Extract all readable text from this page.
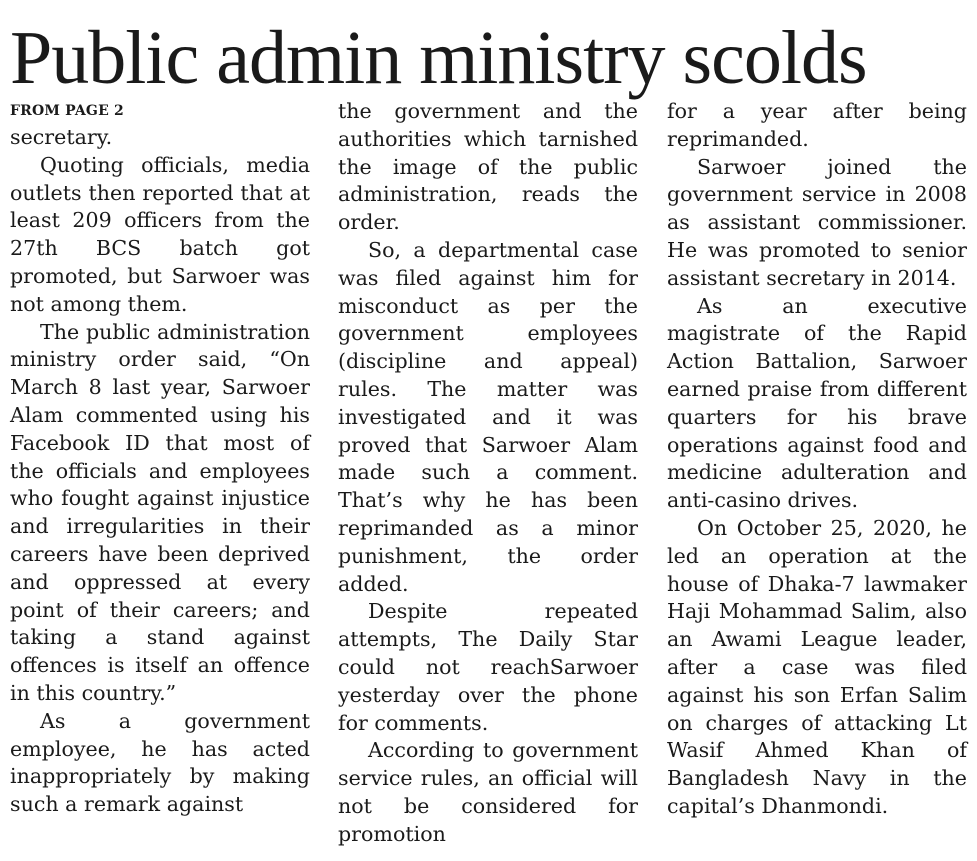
Public admin ministry scolds
FROM PAGE 2

secretary.

Quoting officials, media outlets then reported that at least 209 officers from the 27th BCS batch got promoted, but Sarwoer was not among them.

The public administration ministry order said, “On March 8 last year, Sarwoer Alam commented using his Facebook ID that most of the officials and employees who fought against injustice and irregularities in their careers have been deprived and oppressed at every point of their careers; and taking a stand against offences is itself an offence in this country.”

As a government employee, he has acted inappropriately by making such a remark against

the government and the authorities which tarnished the image of the public administration, reads the order.

So, a departmental case was filed against him for misconduct as per the government employees (discipline and appeal) rules. The matter was investigated and it was proved that Sarwoer Alam made such a comment. That’s why he has been reprimanded as a minor punishment, the order added.

Despite repeated attempts, The Daily Star could not reachSarwoer yesterday over the phone for comments.

According to government service rules, an official will not be considered for promotion

for a year after being reprimanded.

Sarwoer joined the government service in 2008 as assistant commissioner. He was promoted to senior assistant secretary in 2014.

As an executive magistrate of the Rapid Action Battalion, Sarwoer earned praise from different quarters for his brave operations against food and medicine adulteration and anti-casino drives.

On October 25, 2020, he led an operation at the house of Dhaka-7 lawmaker Haji Mohammad Salim, also an Awami League leader, after a case was filed against his son Erfan Salim on charges of attacking Lt Wasif Ahmed Khan of Bangladesh Navy in the capital’s Dhanmondi.
